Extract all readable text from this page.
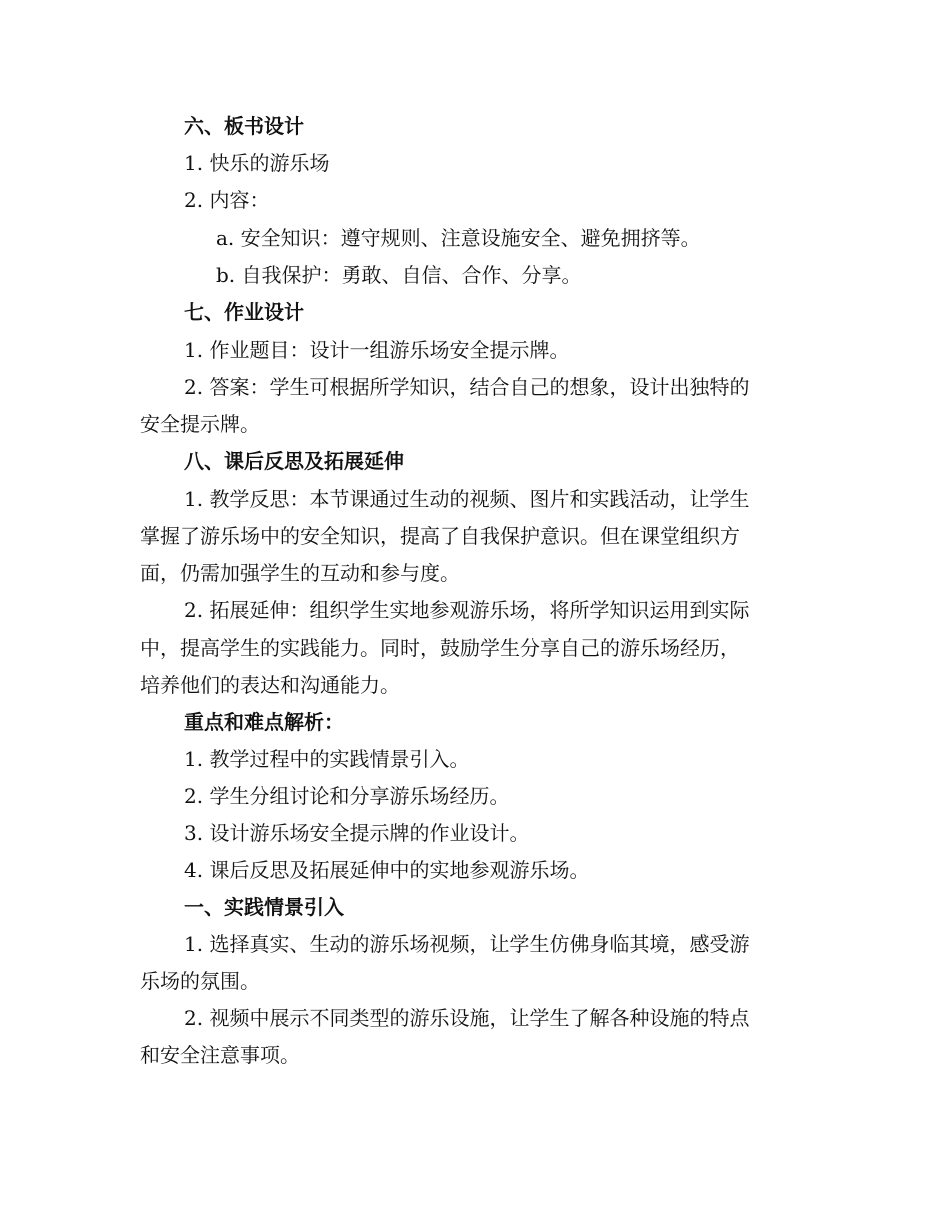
六、板书设计
1. 快乐的游乐场
2. 内容：
a. 安全知识：遵守规则、注意设施安全、避免拥挤等。
b. 自我保护：勇敢、自信、合作、分享。
七、作业设计
1. 作业题目：设计一组游乐场安全提示牌。
2. 答案：学生可根据所学知识，结合自己的想象，设计出独特的
安全提示牌。
八、课后反思及拓展延伸
1. 教学反思：本节课通过生动的视频、图片和实践活动，让学生
掌握了游乐场中的安全知识，提高了自我保护意识。但在课堂组织方
面，仍需加强学生的互动和参与度。
2. 拓展延伸：组织学生实地参观游乐场，将所学知识运用到实际
中，提高学生的实践能力。同时，鼓励学生分享自己的游乐场经历，
培养他们的表达和沟通能力。
重点和难点解析：
1. 教学过程中的实践情景引入。
2. 学生分组讨论和分享游乐场经历。
3. 设计游乐场安全提示牌的作业设计。
4. 课后反思及拓展延伸中的实地参观游乐场。
一、实践情景引入
1. 选择真实、生动的游乐场视频，让学生仿佛身临其境，感受游
乐场的氛围。
2. 视频中展示不同类型的游乐设施，让学生了解各种设施的特点
和安全注意事项。
